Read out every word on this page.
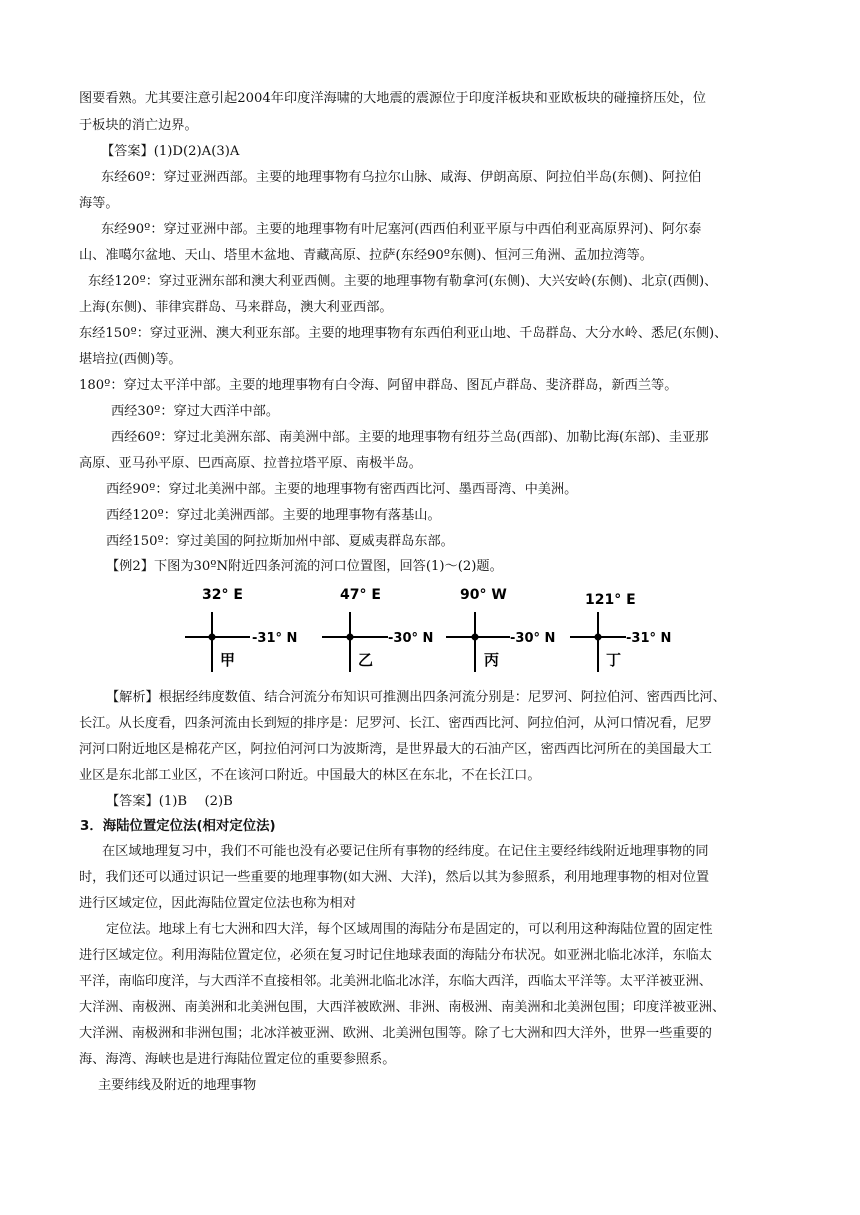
图要看熟。尤其要注意引起2004年印度洋海啸的大地震的震源位于印度洋板块和亚欧板块的碰撞挤压处，位
于板块的消亡边界。
【答案】(1)D(2)A(3)A
东经60º：穿过亚洲西部。主要的地理事物有乌拉尔山脉、咸海、伊朗高原、阿拉伯半岛(东侧)、阿拉伯
海等。
东经90º：穿过亚洲中部。主要的地理事物有叶尼塞河(西西伯利亚平原与中西伯利亚高原界河)、阿尔泰
山、准噶尔盆地、天山、塔里木盆地、青藏高原、拉萨(东经90º东侧)、恒河三角洲、孟加拉湾等。
东经120º：穿过亚洲东部和澳大利亚西侧。主要的地理事物有勒拿河(东侧)、大兴安岭(东侧)、北京(西侧)、
上海(东侧)、菲律宾群岛、马来群岛，澳大利亚西部。
东经150º：穿过亚洲、澳大利亚东部。主要的地理事物有东西伯利亚山地、千岛群岛、大分水岭、悉尼(东侧)、
堪培拉(西侧)等。
180º：穿过太平洋中部。主要的地理事物有白令海、阿留申群岛、图瓦卢群岛、斐济群岛，新西兰等。
西经30º：穿过大西洋中部。
西经60º：穿过北美洲东部、南美洲中部。主要的地理事物有纽芬兰岛(西部)、加勒比海(东部)、圭亚那
高原、亚马孙平原、巴西高原、拉普拉塔平原、南极半岛。
西经90º：穿过北美洲中部。主要的地理事物有密西西比河、墨西哥湾、中美洲。
西经120º：穿过北美洲西部。主要的地理事物有落基山。
西经150º：穿过美国的阿拉斯加州中部、夏威夷群岛东部。
【例2】下图为30ºN附近四条河流的河口位置图，回答(1)～(2)题。
32° E
-31° N
甲
47° E
-30° N
乙
90° W
-30° N
丙
121° E
-31° N
丁
【解析】根据经纬度数值、结合河流分布知识可推测出四条河流分别是：尼罗河、阿拉伯河、密西西比河、
长江。从长度看，四条河流由长到短的排序是：尼罗河、长江、密西西比河、阿拉伯河，从河口情况看，尼罗
河河口附近地区是棉花产区，阿拉伯河河口为波斯湾，是世界最大的石油产区，密西西比河所在的美国最大工
业区是东北部工业区，不在该河口附近。中国最大的林区在东北，不在长江口。
【答案】(1)B　 (2)B
3．海陆位置定位法(相对定位法)
在区域地理复习中，我们不可能也没有必要记住所有事物的经纬度。在记住主要经纬线附近地理事物的同
时，我们还可以通过识记一些重要的地理事物(如大洲、大洋)，然后以其为参照系，利用地理事物的相对位置
进行区域定位，因此海陆位置定位法也称为相对
定位法。地球上有七大洲和四大洋，每个区域周围的海陆分布是固定的，可以利用这种海陆位置的固定性
进行区域定位。利用海陆位置定位，必须在复习时记住地球表面的海陆分布状况。如亚洲北临北冰洋，东临太
平洋，南临印度洋，与大西洋不直接相邻。北美洲北临北冰洋，东临大西洋，西临太平洋等。太平洋被亚洲、
大洋洲、南极洲、南美洲和北美洲包围，大西洋被欧洲、非洲、南极洲、南美洲和北美洲包围；印度洋被亚洲、
大洋洲、南极洲和非洲包围；北冰洋被亚洲、欧洲、北美洲包围等。除了七大洲和四大洋外，世界一些重要的
海、海湾、海峡也是进行海陆位置定位的重要参照系。
主要纬线及附近的地理事物
